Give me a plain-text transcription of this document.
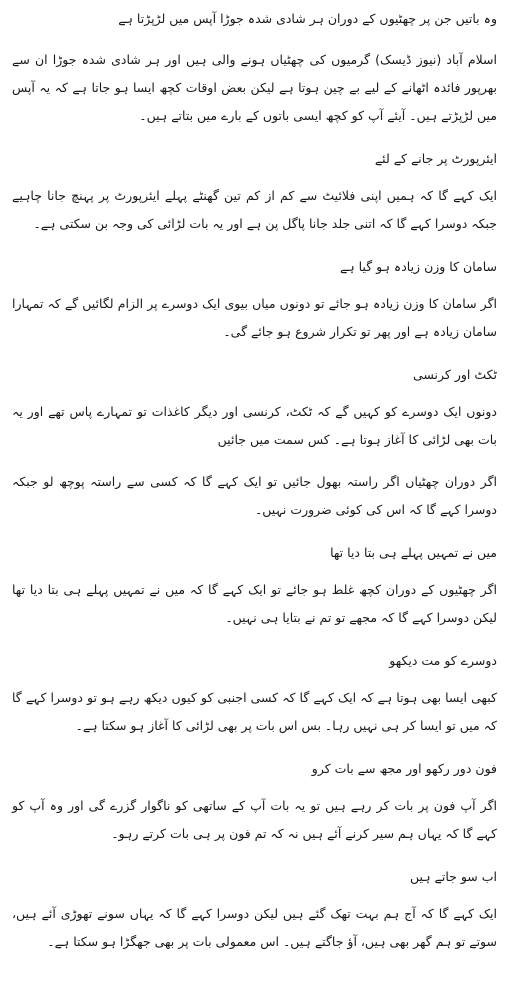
وہ باتیں جن پر چھٹیوں کے دوران ہر شادی شدہ جوڑا آپس میں لڑپڑتا ہے

اسلام آباد (نیوز ڈیسک) گرمیوں کی چھٹیاں ہونے والی ہیں اور ہر شادی شدہ جوڑا ان سے بھرپور فائدہ اٹھانے کے لیے بے چین ہوتا ہے لیکن بعض اوقات کچھ ایسا ہو جاتا ہے کہ یہ آپس میں لڑپڑتے ہیں۔ آیئے آپ کو کچھ ایسی باتوں کے بارے میں بتاتے ہیں۔

ایئرپورٹ پر جانے کے لئے

ایک کہے گا کہ ہمیں اپنی فلائیٹ سے کم از کم تین گھنٹے پہلے ایئرپورٹ پر پہنچ جانا چاہیے جبکہ دوسرا کہے گا کہ اتنی جلد جانا پاگل پن ہے اور یہ بات لڑائی کی وجہ بن سکتی ہے۔

سامان کا وزن زیادہ ہو گیا ہے

اگر سامان کا وزن زیادہ ہو جائے تو دونوں میاں بیوی ایک دوسرے پر الزام لگائیں گے کہ تمہارا سامان زیادہ ہے اور پھر تو تکرار شروع ہو جائے گی۔

ٹکٹ اور کرنسی

دونوں ایک دوسرے کو کہیں گے کہ ٹکٹ، کرنسی اور دیگر کاغذات تو تمہارے پاس تھے اور یہ بات بھی لڑائی کا آغاز ہوتا ہے۔ کس سمت میں جائیں

اگر دوران چھٹیاں اگر راستہ بھول جائیں تو ایک کہے گا کہ کسی سے راستہ پوچھ لو جبکہ دوسرا کہے گا کہ اس کی کوئی ضرورت نہیں۔

میں نے تمہیں پہلے ہی بتا دیا تھا

اگر چھٹیوں کے دوران کچھ غلط ہو جائے تو ایک کہے گا کہ میں نے تمہیں پہلے ہی بتا دیا تھا لیکن دوسرا کہے گا کہ مجھے تو تم نے بتایا ہی نہیں۔

دوسرے کو مت دیکھو

کبھی ایسا بھی ہوتا ہے کہ ایک کہے گا کہ کسی اجنبی کو کیوں دیکھ رہے ہو تو دوسرا کہے گا کہ میں تو ایسا کر ہی نہیں رہا۔ بس اس بات پر بھی لڑائی کا آغاز ہو سکتا ہے۔

فون دور رکھو اور مجھ سے بات کرو

اگر آپ فون پر بات کر رہے ہیں تو یہ بات آپ کے ساتھی کو ناگوار گزرے گی اور وہ آپ کو کہے گا کہ یہاں ہم سیر کرنے آئے ہیں نہ کہ تم فون پر ہی بات کرتے رہو۔

اب سو جاتے ہیں

ایک کہے گا کہ آج ہم بہت تھک گئے ہیں لیکن دوسرا کہے گا کہ یہاں سونے تھوڑی آئے ہیں، سوتے تو ہم گھر بھی ہیں، آؤ جاگتے ہیں۔ اس معمولی بات پر بھی جھگڑا ہو سکتا ہے۔
